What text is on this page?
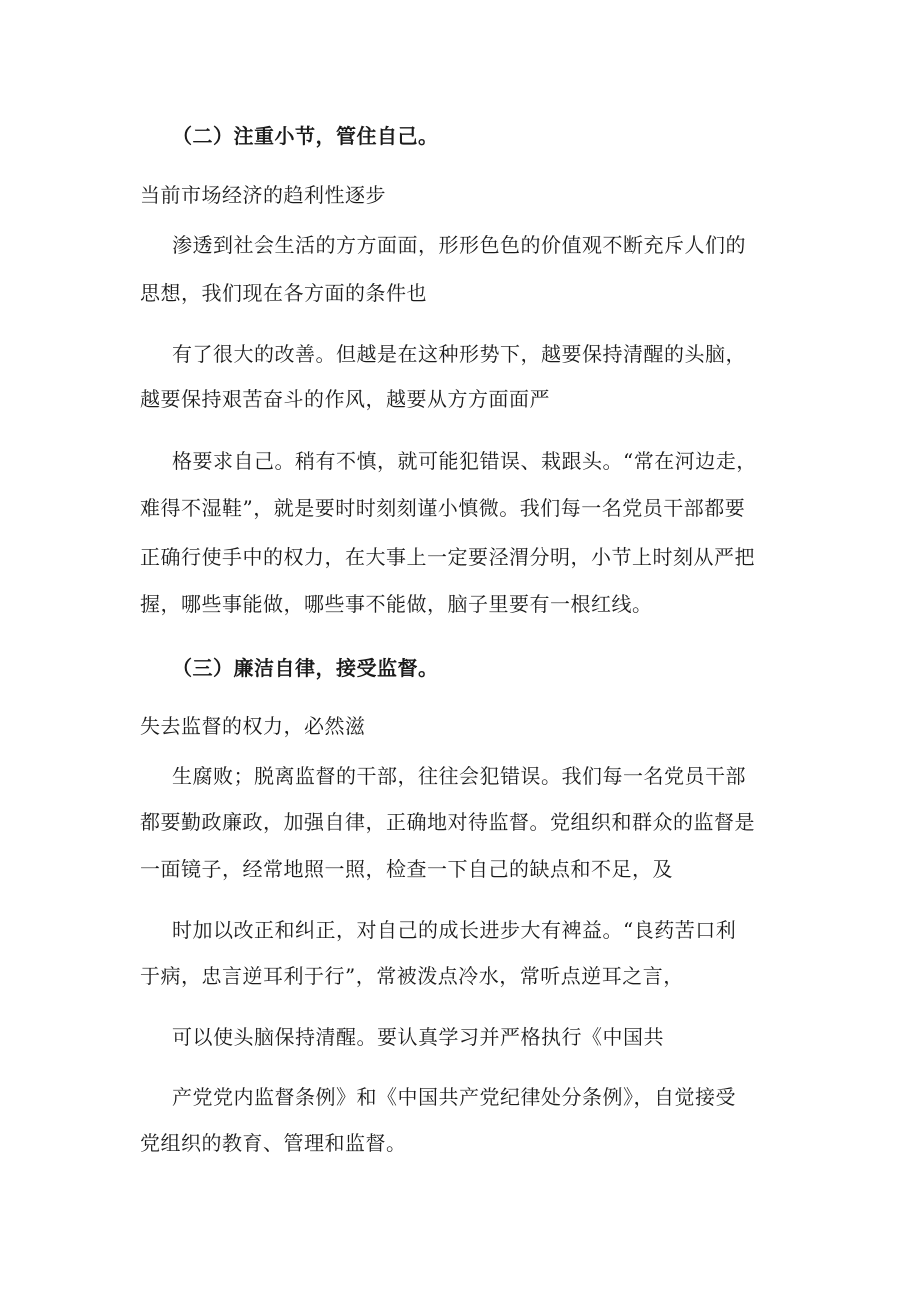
（二）注重小节，管住自己。
当前市场经济的趋利性逐步
渗透到社会生活的方方面面，形形色色的价值观不断充斥人们的
思想，我们现在各方面的条件也
有了很大的改善。但越是在这种形势下，越要保持清醒的头脑，
越要保持艰苦奋斗的作风，越要从方方面面严
格要求自己。稍有不慎，就可能犯错误、栽跟头。“常在河边走，
难得不湿鞋”，就是要时时刻刻谨小慎微。我们每一名党员干部都要
正确行使手中的权力，在大事上一定要泾渭分明，小节上时刻从严把
握，哪些事能做，哪些事不能做，脑子里要有一根红线。
（三）廉洁自律，接受监督。
失去监督的权力，必然滋
生腐败；脱离监督的干部，往往会犯错误。我们每一名党员干部
都要勤政廉政，加强自律，正确地对待监督。党组织和群众的监督是
一面镜子，经常地照一照，检查一下自己的缺点和不足，及
时加以改正和纠正，对自己的成长进步大有裨益。“良药苦口利
于病，忠言逆耳利于行”，常被泼点冷水，常听点逆耳之言，
可以使头脑保持清醒。要认真学习并严格执行《中国共
产党党内监督条例》和《中国共产党纪律处分条例》，自觉接受
党组织的教育、管理和监督。
